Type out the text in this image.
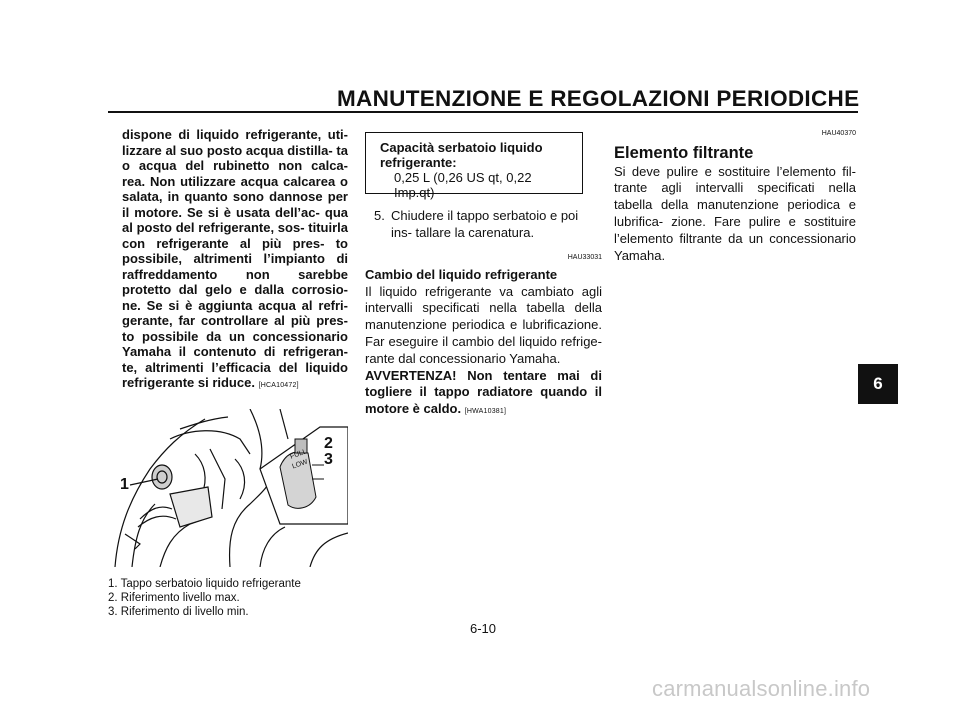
MANUTENZIONE E REGOLAZIONI PERIODICHE
6

dispone di liquido refrigerante, uti- lizzare al suo posto acqua distilla- ta o acqua del rubinetto non calca- rea. Non utilizzare acqua calcarea o salata, in quanto sono dannose per il motore. Se si è usata dell’ac- qua al posto del refrigerante, sos- tituirla con refrigerante al più pres- to possibile, altrimenti l’impianto di raffreddamento non sarebbe protetto dal gelo e dalla corrosio- ne. Se si è aggiunta acqua al refri- gerante, far controllare al più pres- to possibile da un concessionario Yamaha il contenuto di refrigeran- te, altrimenti l’efficacia del liquido refrigerante si riduce. [HCA10472]

1
2
3
FULL
LOW
1. Tappo serbatoio liquido refrigerante
2. Riferimento livello max.
3. Riferimento di livello min.
Capacità serbatoio liquido refrigerante:
0,25 L (0,26 US qt, 0,22 Imp.qt)
5. Chiudere il tappo serbatoio e poi ins- tallare la carenatura.

HAU33031

Cambio del liquido refrigerante

Il liquido refrigerante va cambiato agli intervalli specificati nella tabella della manutenzione periodica e lubrificazione. Far eseguire il cambio del liquido refrige- rante dal concessionario Yamaha.

AVVERTENZA! Non tentare mai di togliere il tappo radiatore quando il motore è caldo. [HWA10381]

HAU40370

Elemento filtrante

Si deve pulire e sostituire l’elemento fil- trante agli intervalli specificati nella tabella della manutenzione periodica e lubrifica- zione. Fare pulire e sostituire l’elemento filtrante da un concessionario Yamaha.

6-10
carmanualsonline.info
